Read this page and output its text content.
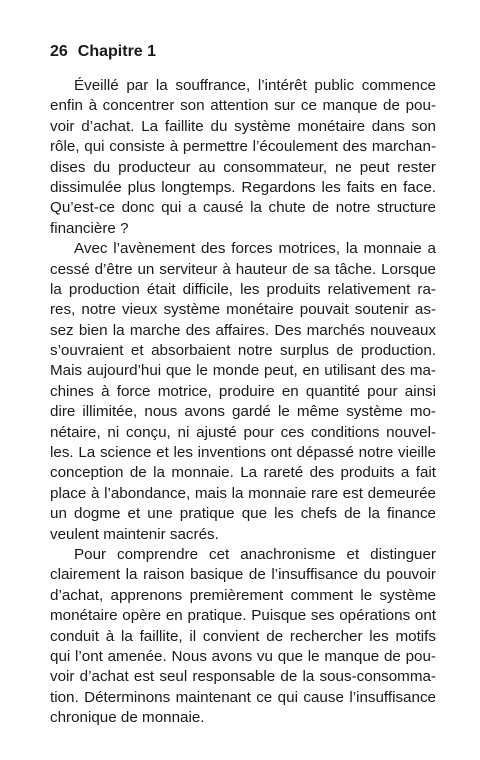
26 Chapitre 1
Éveillé par la souffrance, l’intérêt public commence
enfin à concentrer son attention sur ce manque de pou-
voir d’achat. La faillite du système monétaire dans son
rôle, qui consiste à permettre l’écoulement des marchan-
dises du producteur au consommateur, ne peut rester
dissimulée plus longtemps. Regardons les faits en face.
Qu’est-ce donc qui a causé la chute de notre structure
financière ?
Avec l’avènement des forces motrices, la monnaie a
cessé d’être un serviteur à hauteur de sa tâche. Lorsque
la production était difficile, les produits relativement ra-
res, notre vieux système monétaire pouvait soutenir as-
sez bien la marche des affaires. Des marchés nouveaux
s’ouvraient et absorbaient notre surplus de production.
Mais aujourd’hui que le monde peut, en utilisant des ma-
chines à force motrice, produire en quantité pour ainsi
dire illimitée, nous avons gardé le même système mo-
nétaire, ni conçu, ni ajusté pour ces conditions nouvel-
les. La science et les inventions ont dépassé notre vieille
conception de la monnaie. La rareté des produits a fait
place à l’abondance, mais la monnaie rare est demeurée
un dogme et une pratique que les chefs de la finance
veulent maintenir sacrés.
Pour comprendre cet anachronisme et distinguer
clairement la raison basique de l’insuffisance du pouvoir
d’achat, apprenons premièrement comment le système
monétaire opère en pratique. Puisque ses opérations ont
conduit à la faillite, il convient de rechercher les motifs
qui l’ont amenée. Nous avons vu que le manque de pou-
voir d’achat est seul responsable de la sous-consomma-
tion. Déterminons maintenant ce qui cause l’insuffisance
chronique de monnaie.
